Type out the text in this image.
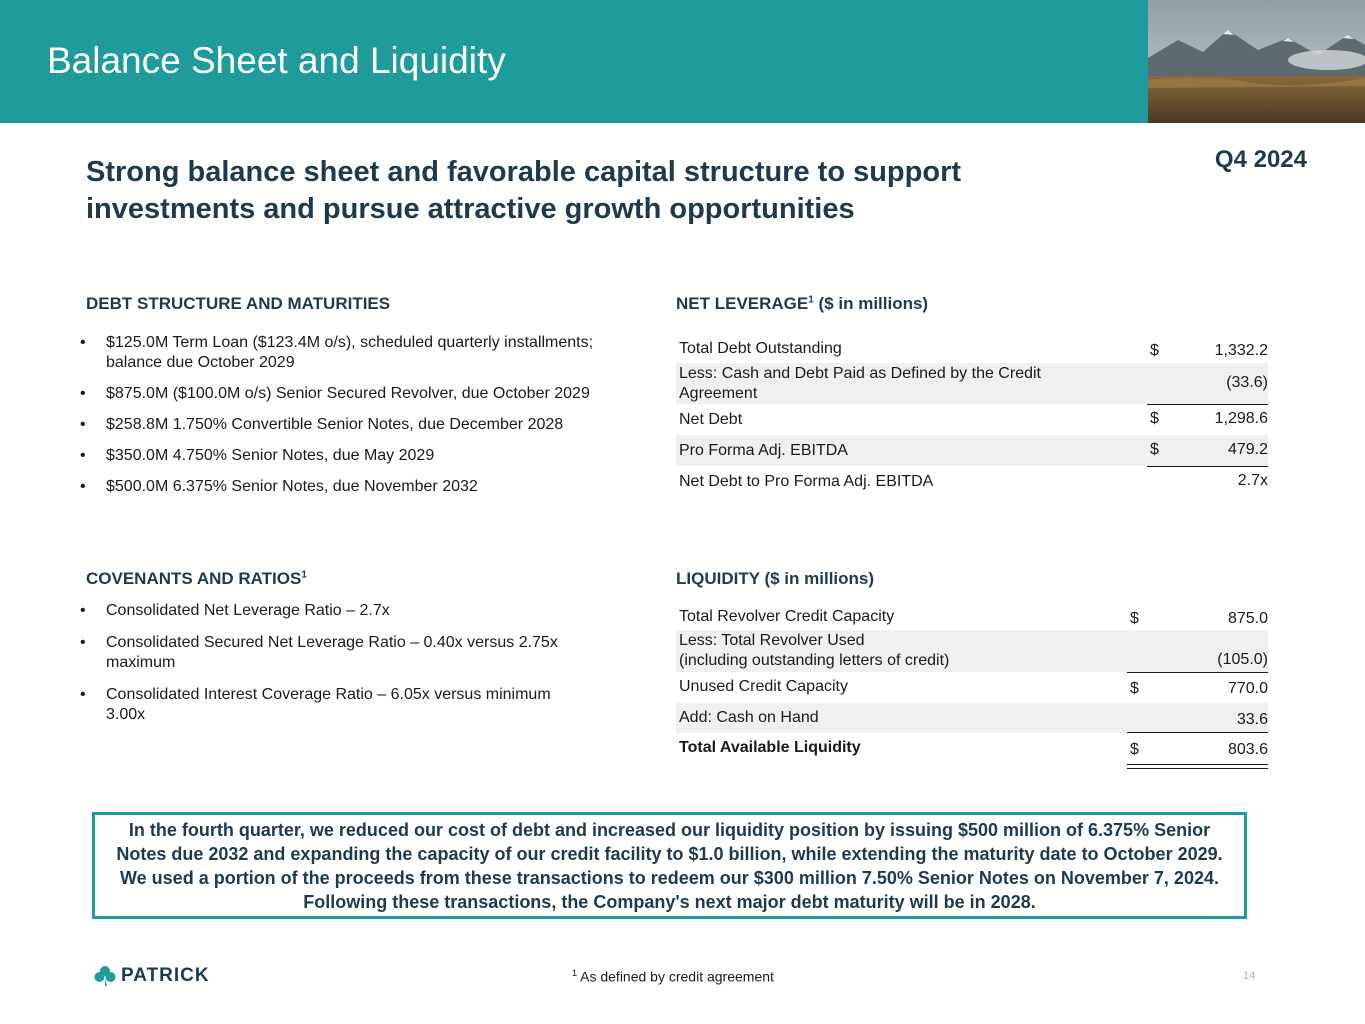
Balance Sheet and Liquidity
Q4 2024
Strong balance sheet and favorable capital structure to support investments and pursue attractive growth opportunities
DEBT STRUCTURE AND MATURITIES
• $125.0M Term Loan ($123.4M o/s), scheduled quarterly installments; balance due October 2029
• $875.0M ($100.0M o/s) Senior Secured Revolver, due October 2029
• $258.8M 1.750% Convertible Senior Notes, due December 2028
• $350.0M 4.750% Senior Notes, due May 2029
• $500.0M 6.375% Senior Notes, due November 2032
COVENANTS AND RATIOS$^1$
• Consolidated Net Leverage Ratio – 2.7x
• Consolidated Secured Net Leverage Ratio – 0.40x versus 2.75x maximum
• Consolidated Interest Coverage Ratio – 6.05x versus minimum 3.00x
NET LEVERAGE$^1$ ($ in millions)
Total Debt Outstanding	$	1,332.2
Less: Cash and Debt Paid as Defined by the Credit Agreement
(33.6)
Net Debt	$	1,298.6
Pro Forma Adj. EBITDA	$	479.2
Net Debt to Pro Forma Adj. EBITDA	2.7x
LIQUIDITY ($ in millions)
Total Revolver Credit Capacity	$	875.0
Less: Total Revolver Used
(including outstanding letters of credit)	(105.0)
Unused Credit Capacity	$	770.0
Add: Cash on Hand	33.6
Total Available Liquidity	$	803.6
In the fourth quarter, we reduced our cost of debt and increased our liquidity position by issuing $500 million of 6.375% Senior Notes due 2032 and expanding the capacity of our credit facility to $1.0 billion, while extending the maturity date to October 2029. We used a portion of the proceeds from these transactions to redeem our $300 million 7.50% Senior Notes on November 7, 2024. Following these transactions, the Company's next major debt maturity will be in 2028.
PATRICK	$^1$ As defined by credit agreement	14
